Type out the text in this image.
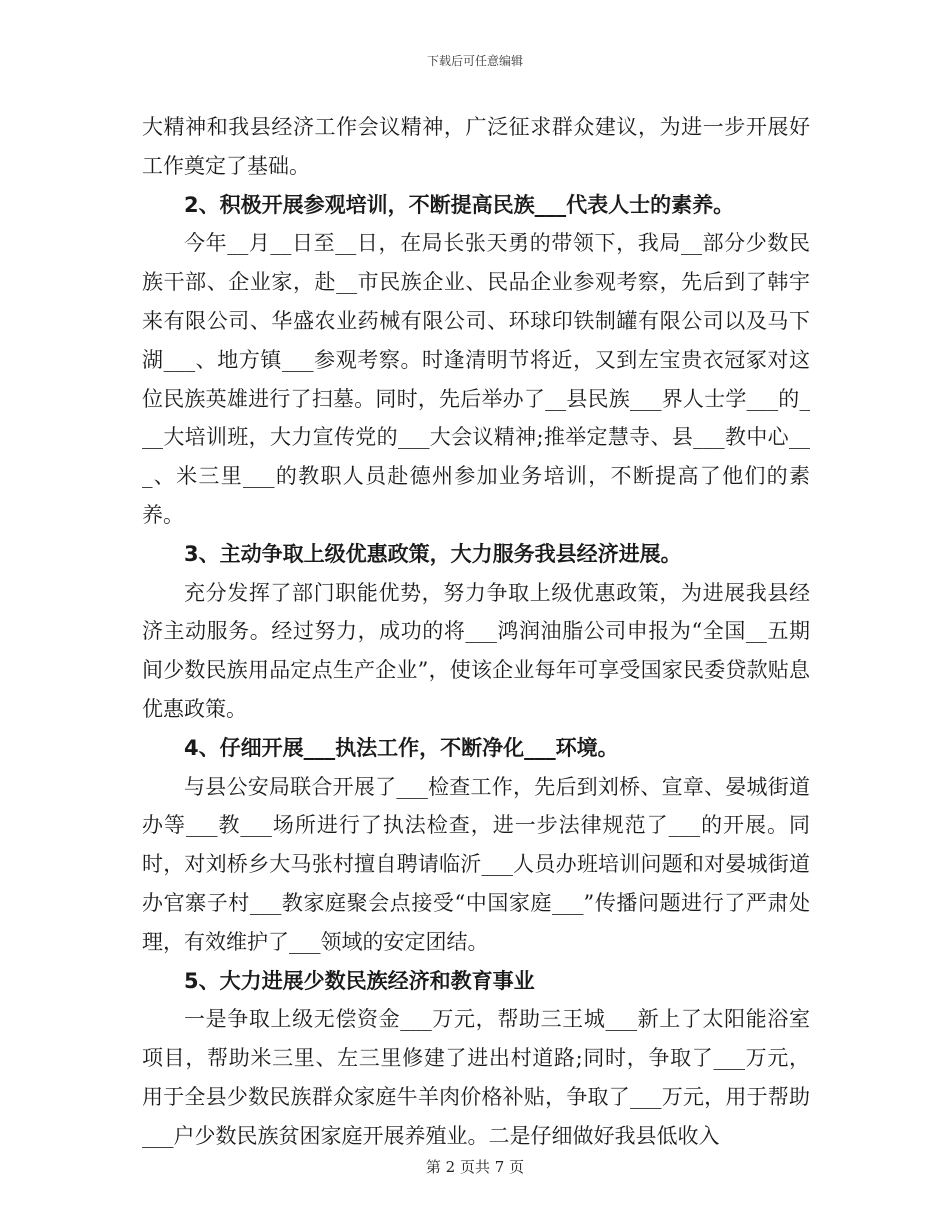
下载后可任意编辑

大精神和我县经济工作会议精神，广泛征求群众建议，为进一步开展好工作奠定了基础。

2、积极开展参观培训，不断提高民族___代表人士的素养。

今年__月__日至__日，在局长张天勇的带领下，我局__部分少数民族干部、企业家，赴__市民族企业、民品企业参观考察，先后到了韩宇来有限公司、华盛农业药械有限公司、环球印铁制罐有限公司以及马下湖___、地方镇___参观考察。时逢清明节将近，又到左宝贵衣冠冢对这位民族英雄进行了扫墓。同时，先后举办了__县民族___界人士学___的___大培训班，大力宣传党的___大会议精神;推举定慧寺、县___教中心___、米三里___的教职人员赴德州参加业务培训，不断提高了他们的素养。

3、主动争取上级优惠政策，大力服务我县经济进展。

充分发挥了部门职能优势，努力争取上级优惠政策，为进展我县经济主动服务。经过努力，成功的将___鸿润油脂公司申报为“全国__五期间少数民族用品定点生产企业”，使该企业每年可享受国家民委贷款贴息优惠政策。

4、仔细开展___执法工作，不断净化___环境。

与县公安局联合开展了___检查工作，先后到刘桥、宣章、晏城街道办等___教___场所进行了执法检查，进一步法律规范了___的开展。同时，对刘桥乡大马张村擅自聘请临沂___人员办班培训问题和对晏城街道办官寨子村___教家庭聚会点接受“中国家庭___”传播问题进行了严肃处理，有效维护了___领域的安定团结。

5、大力进展少数民族经济和教育事业

一是争取上级无偿资金___万元，帮助三王城___新上了太阳能浴室项目，帮助米三里、左三里修建了进出村道路;同时，争取了___万元，用于全县少数民族群众家庭牛羊肉价格补贴，争取了___万元，用于帮助___户少数民族贫困家庭开展养殖业。二是仔细做好我县低收入

第 2 页共 7 页
